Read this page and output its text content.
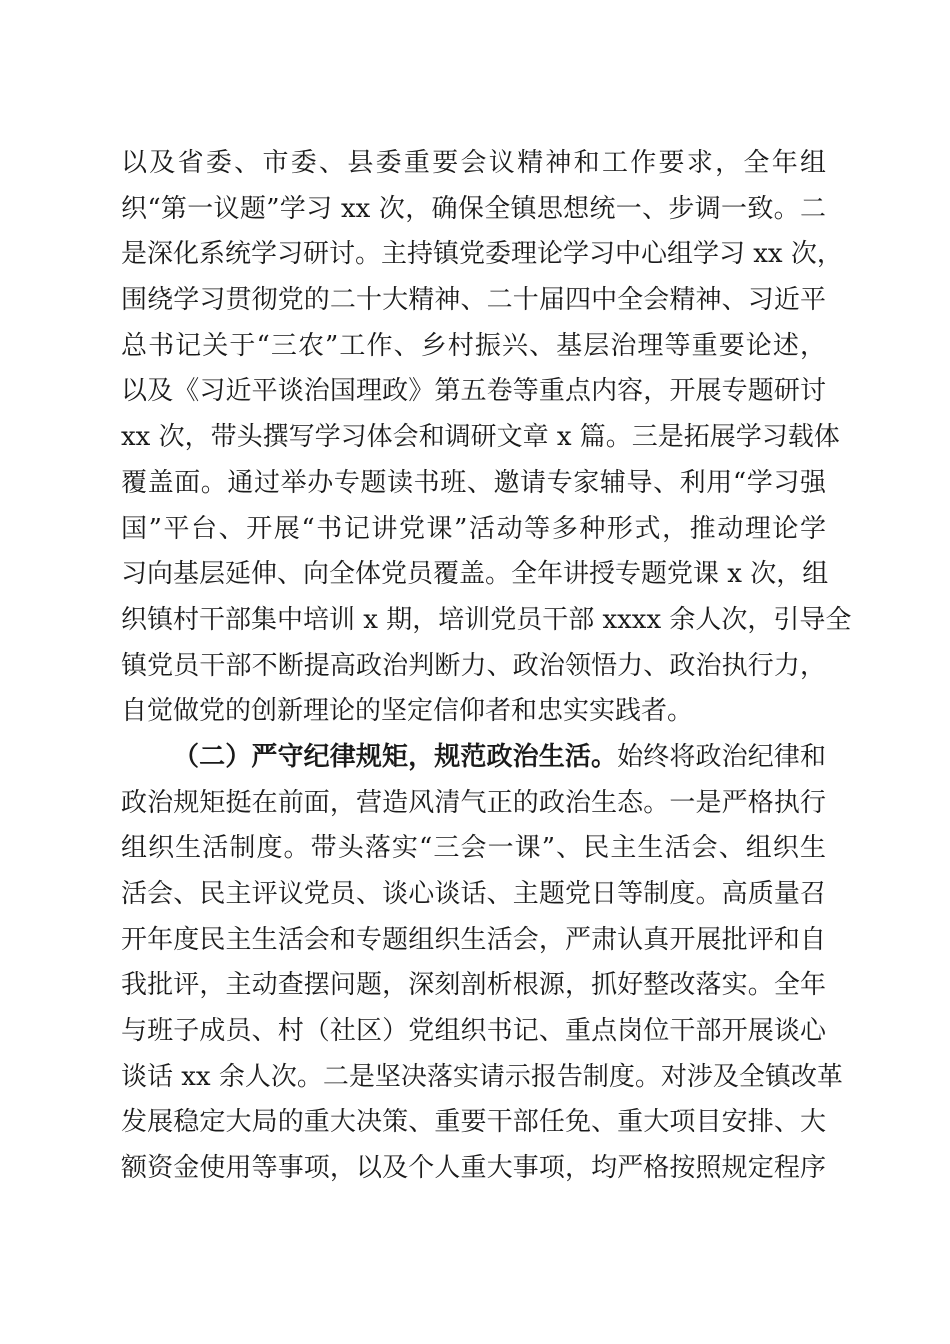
以及省委、市委、县委重要会议精神和工作要求，全年组
织“第一议题”学习 xx 次，确保全镇思想统一、步调一致。二
是深化系统学习研讨。主持镇党委理论学习中心组学习 xx 次，
围绕学习贯彻党的二十大精神、二十届四中全会精神、习近平
总书记关于“三农”工作、乡村振兴、基层治理等重要论述，
以及《习近平谈治国理政》第五卷等重点内容，开展专题研讨
xx 次，带头撰写学习体会和调研文章 x 篇。三是拓展学习载体
覆盖面。通过举办专题读书班、邀请专家辅导、利用“学习强
国”平台、开展“书记讲党课”活动等多种形式，推动理论学
习向基层延伸、向全体党员覆盖。全年讲授专题党课 x 次，组
织镇村干部集中培训 x 期，培训党员干部 xxxx 余人次，引导全
镇党员干部不断提高政治判断力、政治领悟力、政治执行力，
自觉做党的创新理论的坚定信仰者和忠实实践者。
（二）严守纪律规矩，规范政治生活。始终将政治纪律和
政治规矩挺在前面，营造风清气正的政治生态。一是严格执行
组织生活制度。带头落实“三会一课”、民主生活会、组织生
活会、民主评议党员、谈心谈话、主题党日等制度。高质量召
开年度民主生活会和专题组织生活会，严肃认真开展批评和自
我批评，主动查摆问题，深刻剖析根源，抓好整改落实。全年
与班子成员、村（社区）党组织书记、重点岗位干部开展谈心
谈话 xx 余人次。二是坚决落实请示报告制度。对涉及全镇改革
发展稳定大局的重大决策、重要干部任免、重大项目安排、大
额资金使用等事项，以及个人重大事项，均严格按照规定程序
